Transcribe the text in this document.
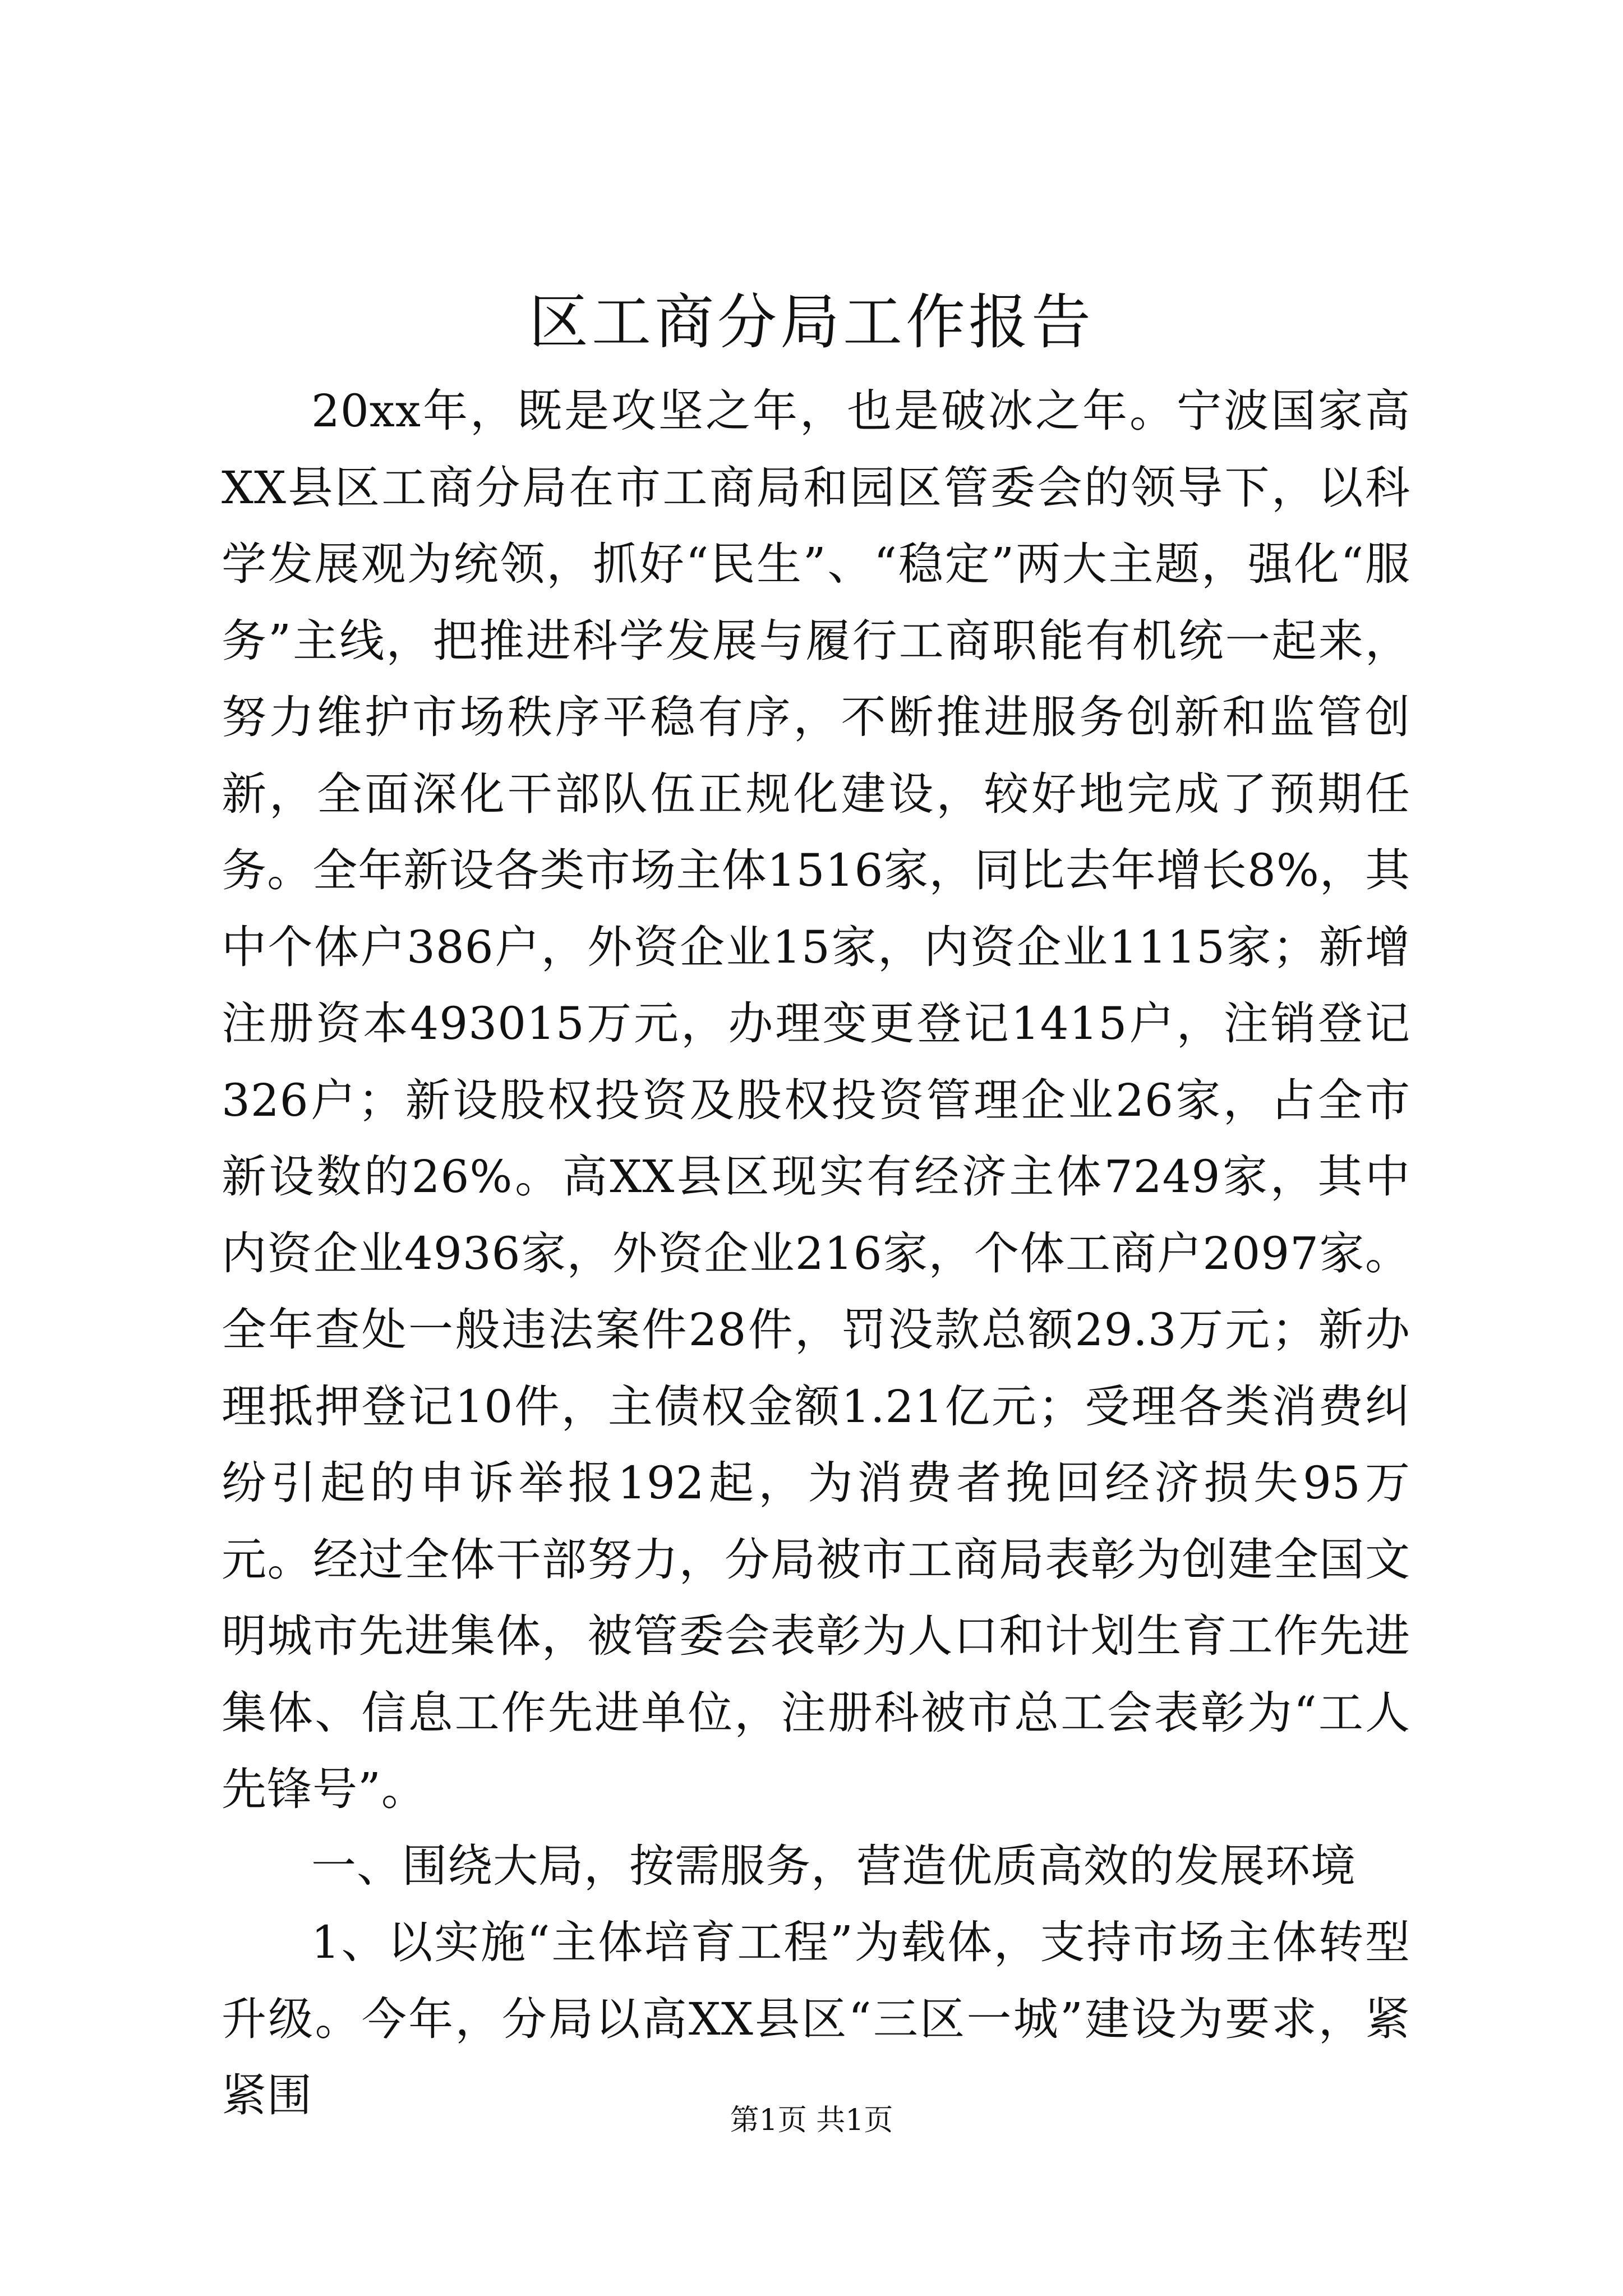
区工商分局工作报告

20xx年，既是攻坚之年，也是破冰之年。宁波国家高XX县区工商分局在市工商局和园区管委会的领导下，以科学发展观为统领，抓好“民生”、“稳定”两大主题，强化“服务”主线，把推进科学发展与履行工商职能有机统一起来，努力维护市场秩序平稳有序，不断推进服务创新和监管创新，全面深化干部队伍正规化建设，较好地完成了预期任务。全年新设各类市场主体1516家，同比去年增长8%，其中个体户386户，外资企业15家，内资企业1115家；新增注册资本493015万元，办理变更登记1415户，注销登记326户；新设股权投资及股权投资管理企业26家，占全市新设数的26%。高XX县区现实有经济主体7249家，其中内资企业4936家，外资企业216家，个体工商户2097家。全年查处一般违法案件28件，罚没款总额29.3万元；新办理抵押登记10件，主债权金额1.21亿元；受理各类消费纠纷引起的申诉举报192起，为消费者挽回经济损失95万元。经过全体干部努力，分局被市工商局表彰为创建全国文明城市先进集体，被管委会表彰为人口和计划生育工作先进集体、信息工作先进单位，注册科被市总工会表彰为“工人先锋号”。

一、围绕大局，按需服务，营造优质高效的发展环境

1、以实施“主体培育工程”为载体，支持市场主体转型升级。今年，分局以高XX县区“三区一城”建设为要求，紧紧围	第1页 共1页
